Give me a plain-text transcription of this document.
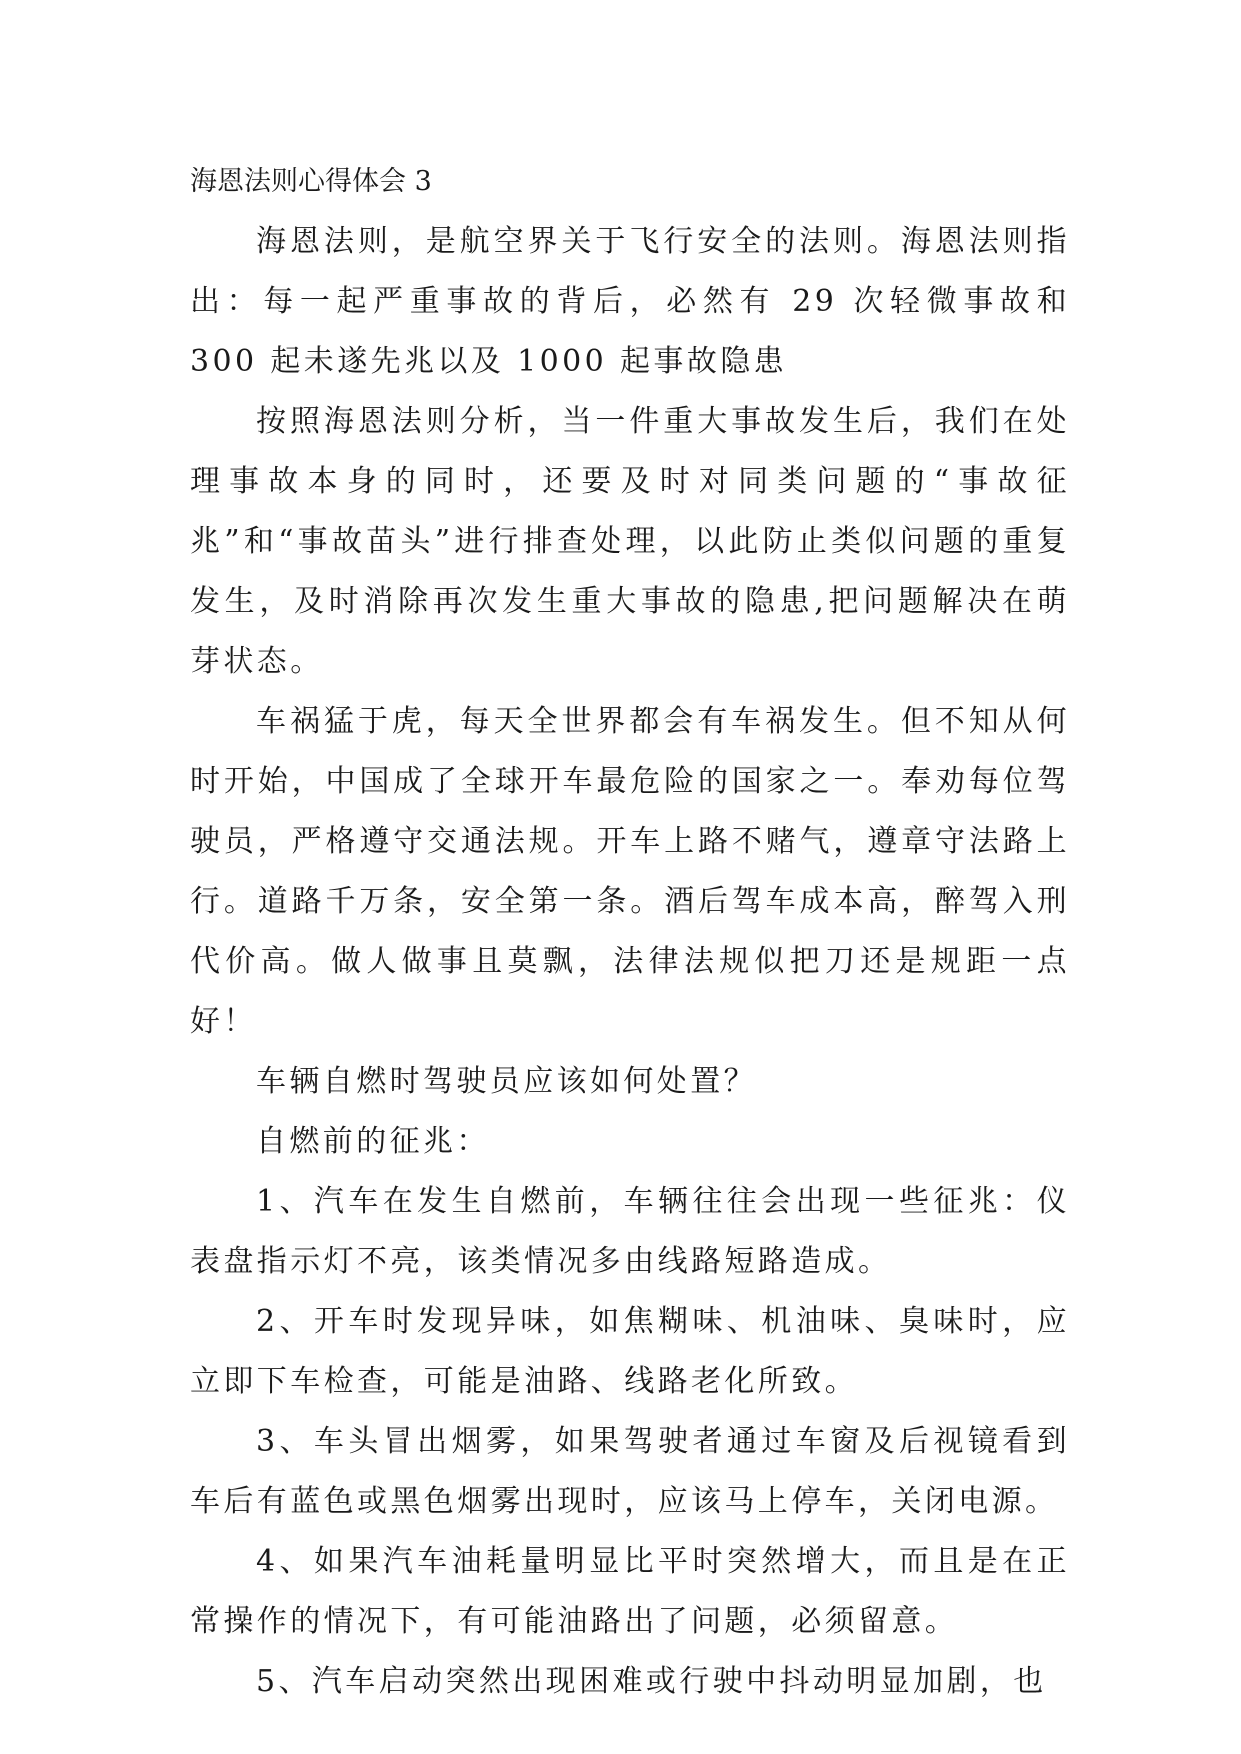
海恩法则心得体会 3

海恩法则，是航空界关于飞行安全的法则。海恩法则指出：每一起严重事故的背后，必然有 29 次轻微事故和 300 起未遂先兆以及 1000 起事故隐患

按照海恩法则分析，当一件重大事故发生后，我们在处理事故本身的同时，还要及时对同类问题的“事故征兆”和“事故苗头”进行排查处理，以此防止类似问题的重复发生，及时消除再次发生重大事故的隐患,把问题解决在萌芽状态。

车祸猛于虎，每天全世界都会有车祸发生。但不知从何时开始，中国成了全球开车最危险的国家之一。奉劝每位驾驶员，严格遵守交通法规。开车上路不赌气，遵章守法路上行。道路千万条，安全第一条。酒后驾车成本高，醉驾入刑代价高。做人做事且莫飘，法律法规似把刀还是规距一点好！

车辆自燃时驾驶员应该如何处置？

自燃前的征兆：

1、汽车在发生自燃前，车辆往往会出现一些征兆：仪表盘指示灯不亮，该类情况多由线路短路造成。

2、开车时发现异味，如焦糊味、机油味、臭味时，应立即下车检查，可能是油路、线路老化所致。

3、车头冒出烟雾，如果驾驶者通过车窗及后视镜看到车后有蓝色或黑色烟雾出现时，应该马上停车，关闭电源。

4、如果汽车油耗量明显比平时突然增大，而且是在正常操作的情况下，有可能油路出了问题，必须留意。

5、汽车启动突然出现困难或行驶中抖动明显加剧，也
